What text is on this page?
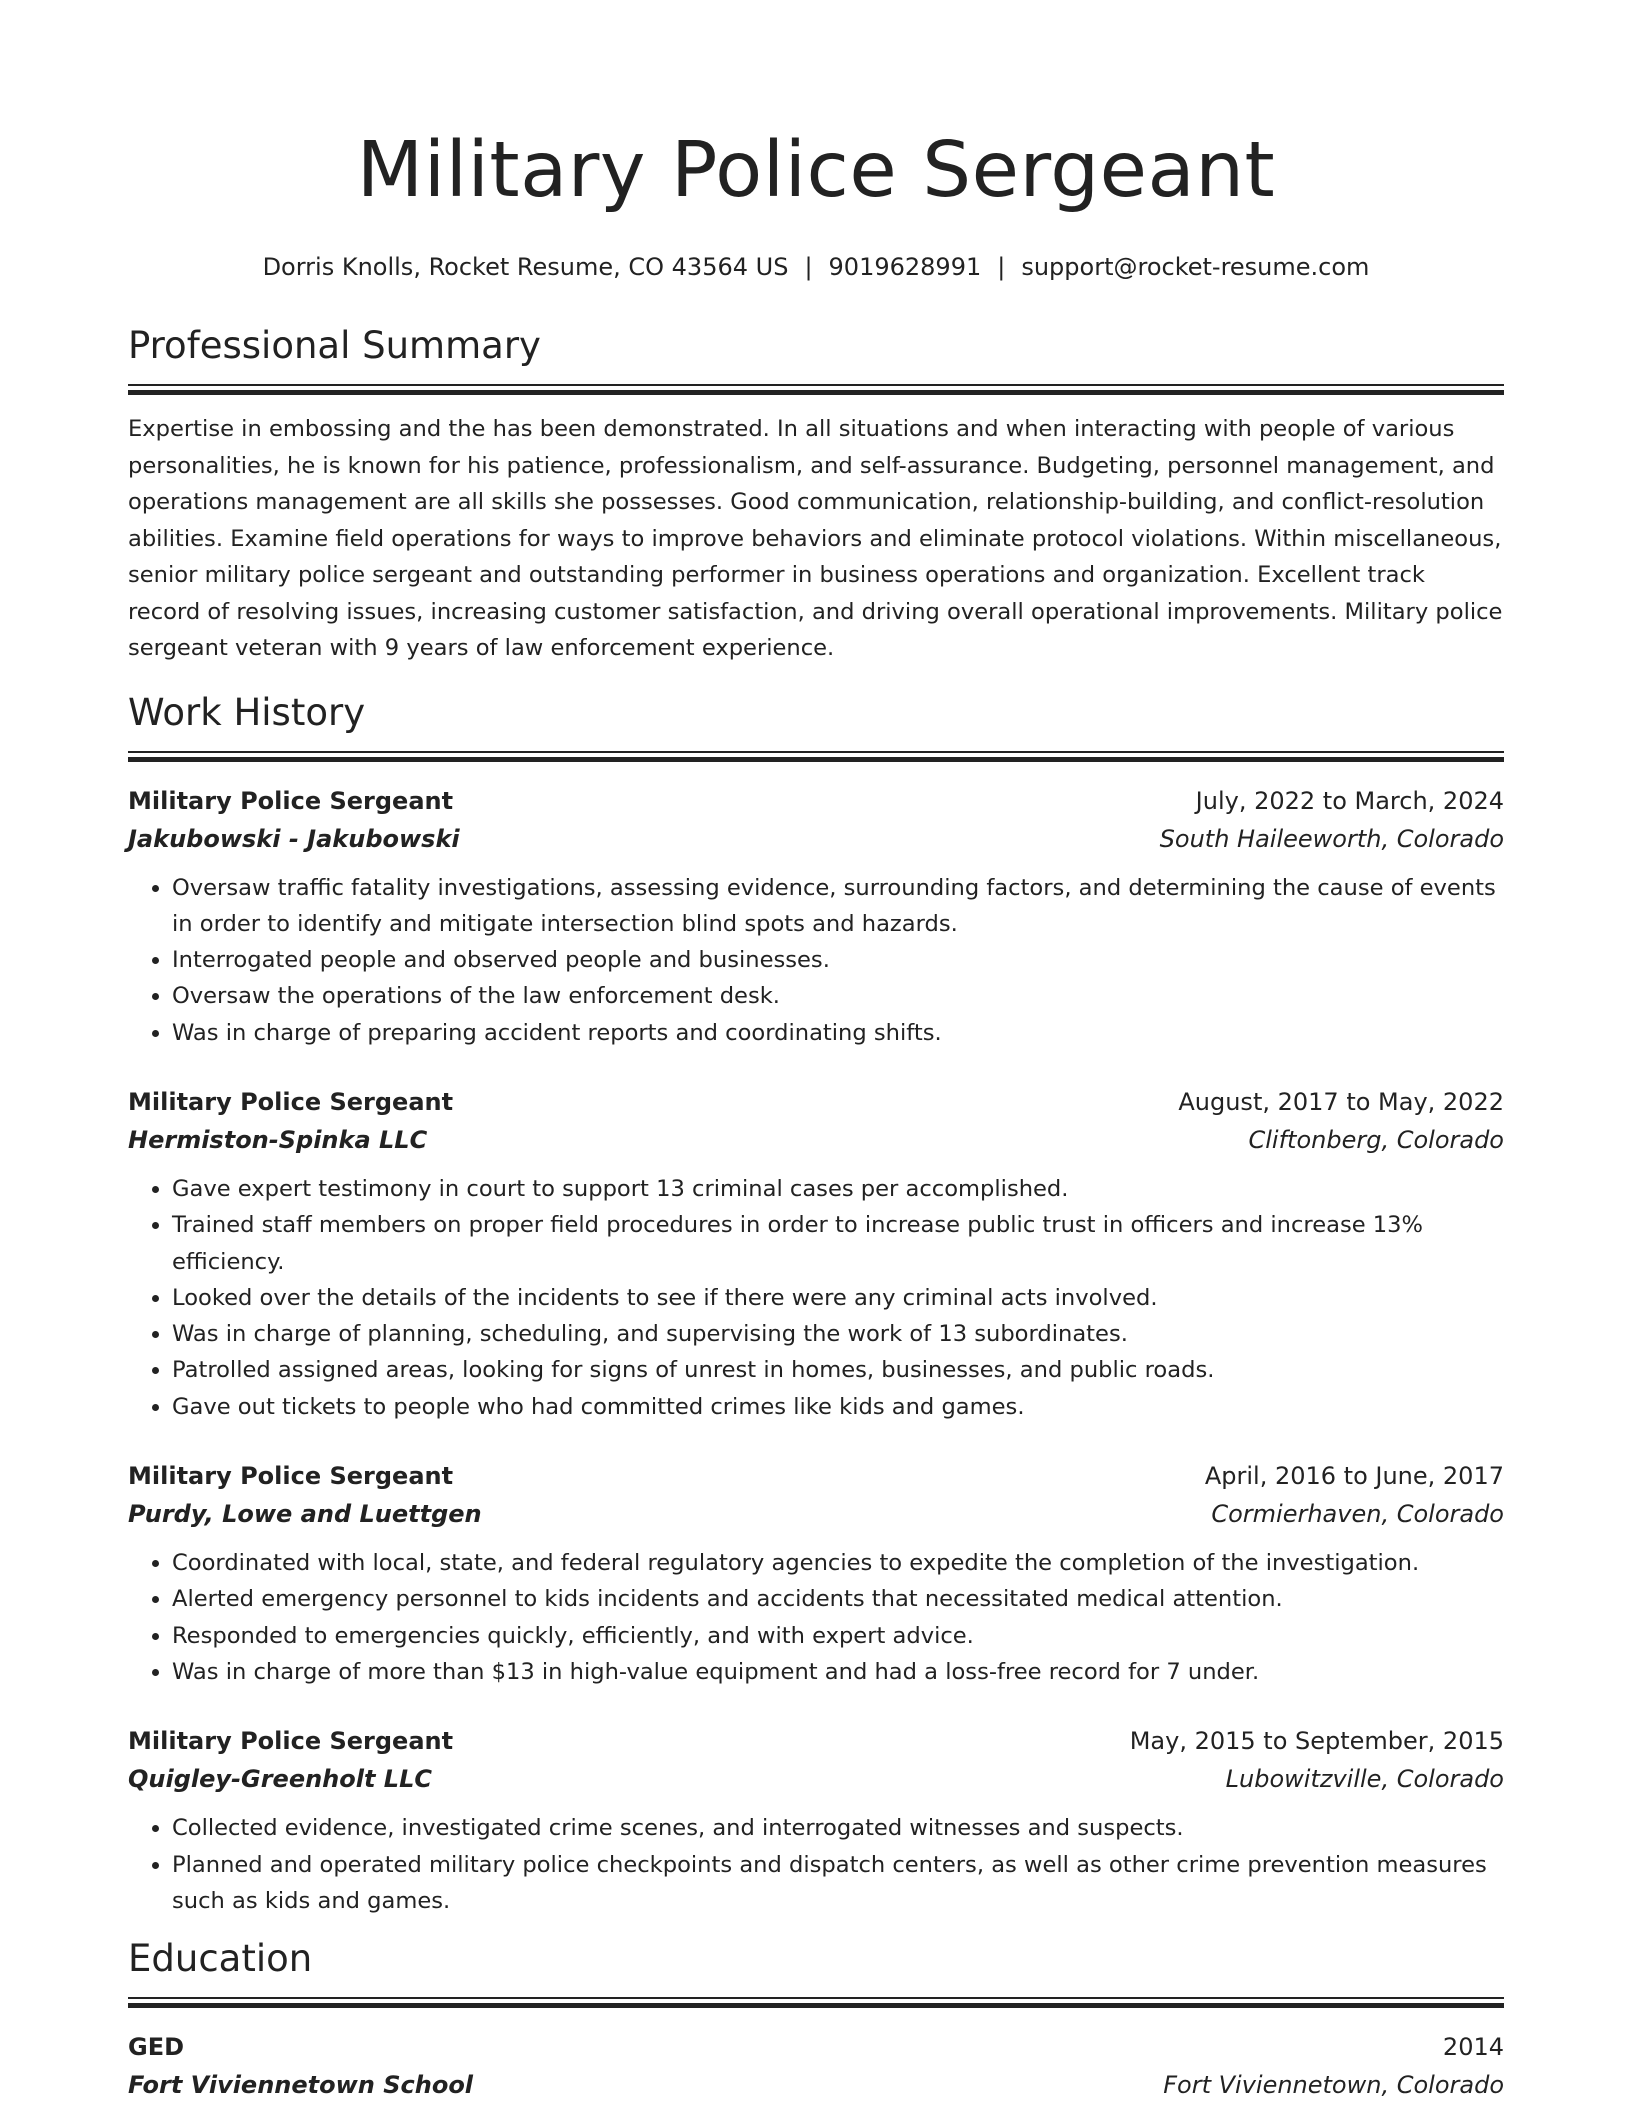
Military Police Sergeant
Dorris Knolls, Rocket Resume, CO 43564 US | 9019628991 | support@rocket-resume.com
Professional Summary

Expertise in embossing and the has been demonstrated. In all situations and when interacting with people of various personalities, he is known for his patience, professionalism, and self-assurance. Budgeting, personnel management, and operations management are all skills she possesses. Good communication, relationship-building, and conflict-resolution abilities. Examine field operations for ways to improve behaviors and eliminate protocol violations. Within miscellaneous, senior military police sergeant and outstanding performer in business operations and organization. Excellent track record of resolving issues, increasing customer satisfaction, and driving overall operational improvements. Military police sergeant veteran with 9 years of law enforcement experience.

Work History
Military Police Sergeant	July, 2022 to March, 2024
Jakubowski - Jakubowski	South Haileeworth, Colorado
• Oversaw traffic fatality investigations, assessing evidence, surrounding factors, and determining the cause of events in order to identify and mitigate intersection blind spots and hazards.
• Interrogated people and observed people and businesses.
• Oversaw the operations of the law enforcement desk.
• Was in charge of preparing accident reports and coordinating shifts.
Military Police Sergeant	August, 2017 to May, 2022
Hermiston-Spinka LLC	Cliftonberg, Colorado
• Gave expert testimony in court to support 13 criminal cases per accomplished.
• Trained staff members on proper field procedures in order to increase public trust in officers and increase 13% efficiency.
• Looked over the details of the incidents to see if there were any criminal acts involved.
• Was in charge of planning, scheduling, and supervising the work of 13 subordinates.
• Patrolled assigned areas, looking for signs of unrest in homes, businesses, and public roads.
• Gave out tickets to people who had committed crimes like kids and games.
Military Police Sergeant	April, 2016 to June, 2017
Purdy, Lowe and Luettgen	Cormierhaven, Colorado
• Coordinated with local, state, and federal regulatory agencies to expedite the completion of the investigation.
• Alerted emergency personnel to kids incidents and accidents that necessitated medical attention.
• Responded to emergencies quickly, efficiently, and with expert advice.
• Was in charge of more than $13 in high-value equipment and had a loss-free record for 7 under.
Military Police Sergeant	May, 2015 to September, 2015
Quigley-Greenholt LLC	Lubowitzville, Colorado
• Collected evidence, investigated crime scenes, and interrogated witnesses and suspects.
• Planned and operated military police checkpoints and dispatch centers, as well as other crime prevention measures such as kids and games.
Education
GED	2014
Fort Viviennetown School	Fort Viviennetown, Colorado
